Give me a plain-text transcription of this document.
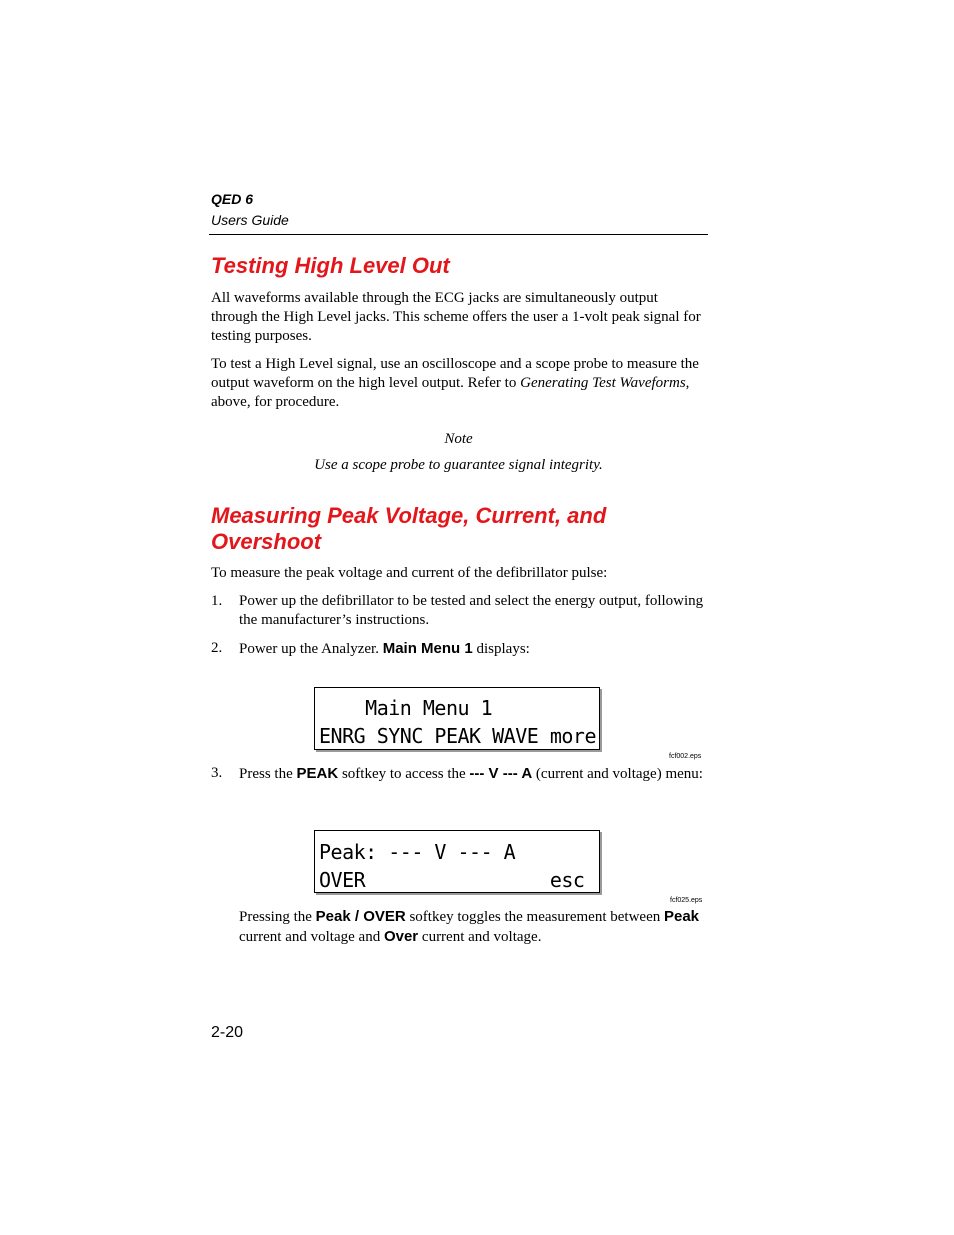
QED 6
Users Guide
Testing High Level Out
All waveforms available through the ECG jacks are simultaneously output through the High Level jacks. This scheme offers the user a 1-volt peak signal for testing purposes.
To test a High Level signal, use an oscilloscope and a scope probe to measure the output waveform on the high level output. Refer to Generating Test Waveforms, above, for procedure.
Note
Use a scope probe to guarantee signal integrity.
Measuring Peak Voltage, Current, and
Overshoot
To measure the peak voltage and current of the defibrillator pulse:
1. Power up the defibrillator to be tested and select the energy output, following the manufacturer’s instructions.
2. Power up the Analyzer. Main Menu 1 displays:
Main Menu 1
ENRG SYNC PEAK WAVE more
fcf002.eps
3. Press the PEAK softkey to access the --- V --- A (current and voltage) menu:
Peak: --- V --- A
OVER                esc
fcf025.eps
Pressing the Peak / OVER softkey toggles the measurement between Peak current and voltage and Over current and voltage.
2-20
